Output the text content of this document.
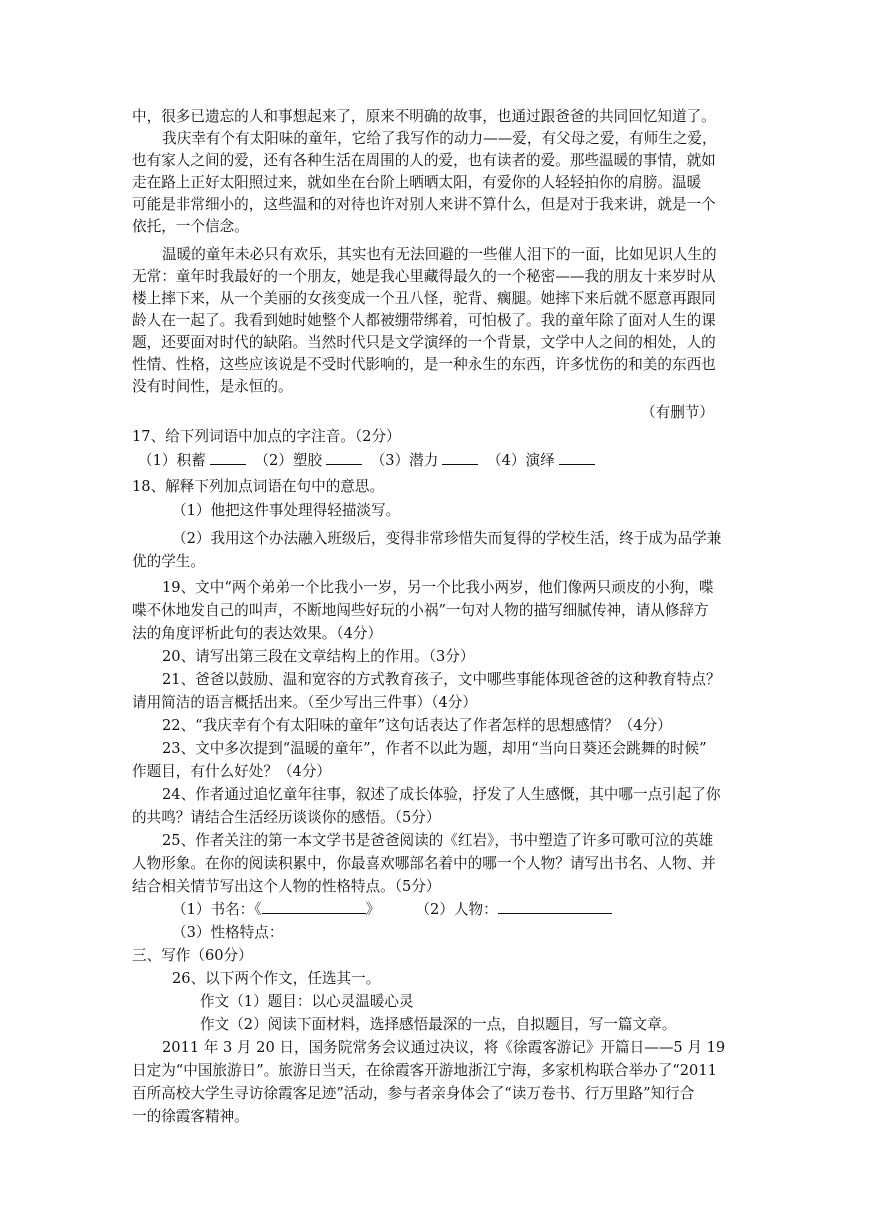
中，很多已遗忘的人和事想起来了，原来不明确的故事，也通过跟爸爸的共同回忆知道了。
我庆幸有个有太阳味的童年，它给了我写作的动力——爱，有父母之爱，有师生之爱，
也有家人之间的爱，还有各种生活在周围的人的爱，也有读者的爱。那些温暖的事情，就如
走在路上正好太阳照过来，就如坐在台阶上晒晒太阳，有爱你的人轻轻拍你的肩膀。温暖
可能是非常细小的，这些温和的对待也许对别人来讲不算什么，但是对于我来讲，就是一个
依托，一个信念。
温暖的童年未必只有欢乐，其实也有无法回避的一些催人泪下的一面，比如见识人生的
无常：童年时我最好的一个朋友，她是我心里藏得最久的一个秘密——我的朋友十来岁时从
楼上摔下来，从一个美丽的女孩变成一个丑八怪，驼背、瘸腿。她摔下来后就不愿意再跟同
龄人在一起了。我看到她时她整个人都被绷带绑着，可怕极了。我的童年除了面对人生的课
题，还要面对时代的缺陷。当然时代只是文学演绎的一个背景，文学中人之间的相处，人的
性情、性格，这些应该说是不受时代影响的，是一种永生的东西，许多忧伤的和美的东西也
没有时间性，是永恒的。
（有删节）
17、给下列词语中加点的字注音。（2分）
（1）积蓄	（2）塑胶	（3）潜力	（4）演绎
18、解释下列加点词语在句中的意思。
（1）他把这件事处理得轻描淡写。
（2）我用这个办法融入班级后，变得非常珍惜失而复得的学校生活，终于成为品学兼
优的学生。
19、文中“两个弟弟一个比我小一岁，另一个比我小两岁，他们像两只顽皮的小狗，喋
喋不休地发自己的叫声，不断地闯些好玩的小祸”一句对人物的描写细腻传神，请从修辞方
法的角度评析此句的表达效果。（4分）
20、请写出第三段在文章结构上的作用。（3分）
21、爸爸以鼓励、温和宽容的方式教育孩子，文中哪些事能体现爸爸的这种教育特点？
请用简洁的语言概括出来。（至少写出三件事）（4分）
22、“我庆幸有个有太阳味的童年”这句话表达了作者怎样的思想感情？（4分）
23、文中多次提到“温暖的童年”，作者不以此为题，却用“当向日葵还会跳舞的时候”
作题目，有什么好处？（4分）
24、作者通过追忆童年往事，叙述了成长体验，抒发了人生感慨，其中哪一点引起了你
的共鸣？请结合生活经历谈谈你的感悟。（5分）
25、作者关注的第一本文学书是爸爸阅读的《红岩》，书中塑造了许多可歌可泣的英雄
人物形象。在你的阅读积累中，你最喜欢哪部名着中的哪一个人物？请写出书名、人物、并
结合相关情节写出这个人物的性格特点。（5分）
（1）书名：《	》 （2）人物：
（3）性格特点：
三、写作（60分）
26、以下两个作文，任选其一。
作文（1）题目：以心灵温暖心灵
作文（2）阅读下面材料，选择感悟最深的一点，自拟题目，写一篇文章。
2011 年 3 月 20 日，国务院常务会议通过决议，将《徐霞客游记》开篇日——5 月 19
日定为“中国旅游日”。旅游日当天，在徐霞客开游地浙江宁海，多家机构联合举办了“2011
百所高校大学生寻访徐霞客足迹”活动，参与者亲身体会了“读万卷书、行万里路”知行合
一的徐霞客精神。
